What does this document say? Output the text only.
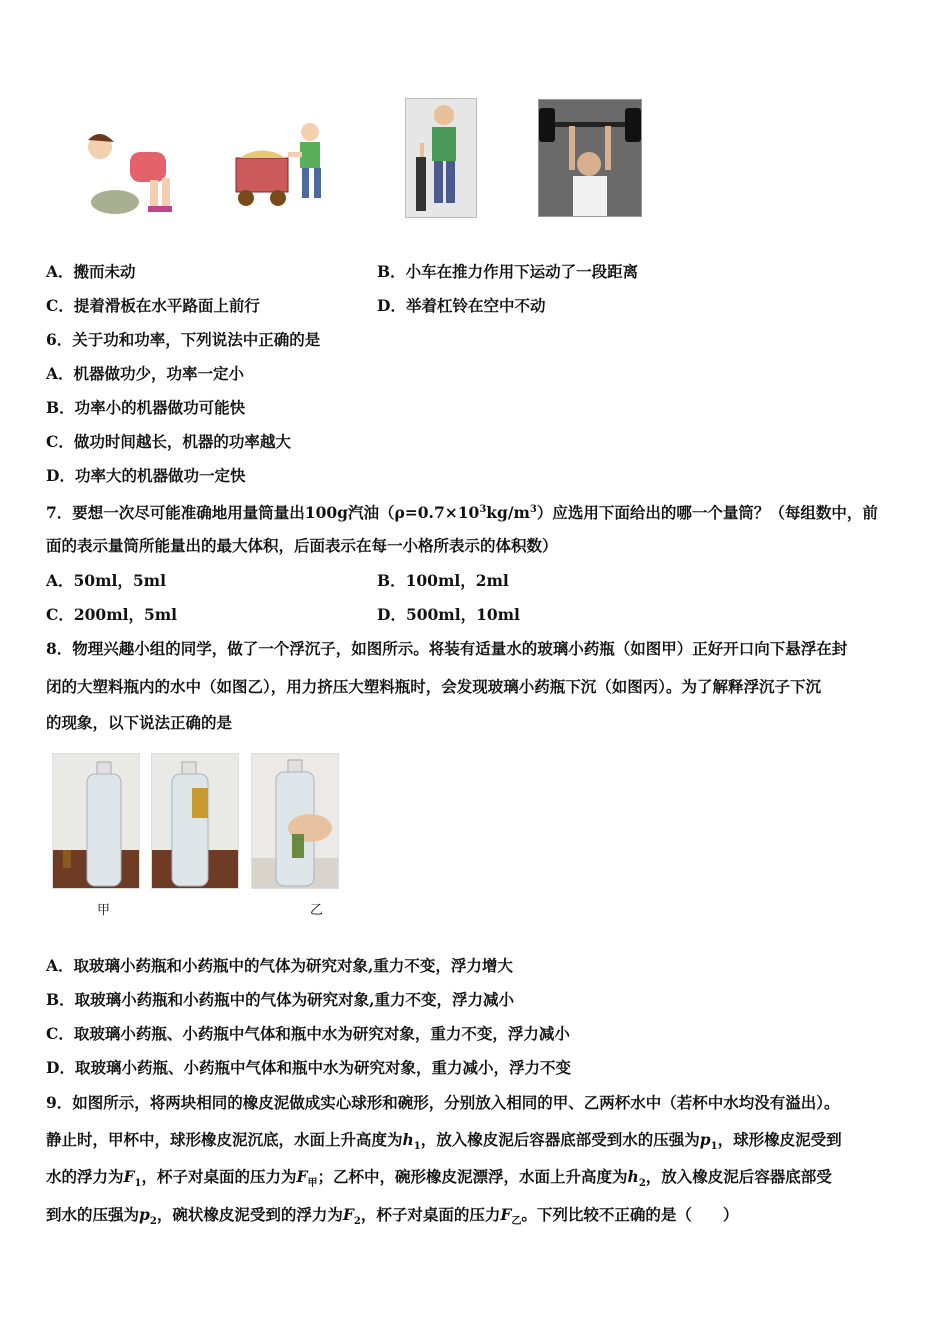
A．搬而未动	B．小车在推力作用下运动了一段距离
C．提着滑板在水平路面上前行	D．举着杠铃在空中不动
6．关于功和功率，下列说法中正确的是
A．机器做功少，功率一定小
B．功率小的机器做功可能快
C．做功时间越长，机器的功率越大
D．功率大的机器做功一定快
7．要想一次尽可能准确地用量筒量出100g汽油$(\rho=0.7\times 10^3kg/m^3)$应选用下面给出的哪一个量筒？（每组数中，前
面的表示量筒所能量出的最大体积，后面表示在每一小格所表示的体积数）
A．50ml，5ml	B．100ml，2ml
C．200ml，5ml	D．500ml，10ml
8．物理兴趣小组的同学，做了一个浮沉子，如图所示。将装有适量水的玻璃小药瓶（如图甲）正好开口向下悬浮在封
闭的大塑料瓶内的水中（如图乙），用力挤压大塑料瓶时，会发现玻璃小药瓶下沉（如图丙）。为了解释浮沉子下沉
的现象，以下说法正确的是
甲	乙
A．取玻璃小药瓶和小药瓶中的气体为研究对象,重力不变，浮力增大
B．取玻璃小药瓶和小药瓶中的气体为研究对象,重力不变，浮力减小
C．取玻璃小药瓶、小药瓶中气体和瓶中水为研究对象，重力不变，浮力减小
D．取玻璃小药瓶、小药瓶中气体和瓶中水为研究对象，重力减小，浮力不变
9．如图所示，将两块相同的橡皮泥做成实心球形和碗形，分别放入相同的甲、乙两杯水中（若杯中水均没有溢出）。
静止时，甲杯中，球形橡皮泥沉底，水面上升高度为$h_1$，放入橡皮泥后容器底部受到水的压强为$p_1$，球形橡皮泥受到
水的浮力为$F_1$，杯子对桌面的压力为$F_甲$；乙杯中，碗形橡皮泥漂浮，水面上升高度为$h_2$，放入橡皮泥后容器底部受
到水的压强为$p_2$，碗状橡皮泥受到的浮力为$F_2$，杯子对桌面的压力$F_乙$。下列比较不正确的是（　　）
